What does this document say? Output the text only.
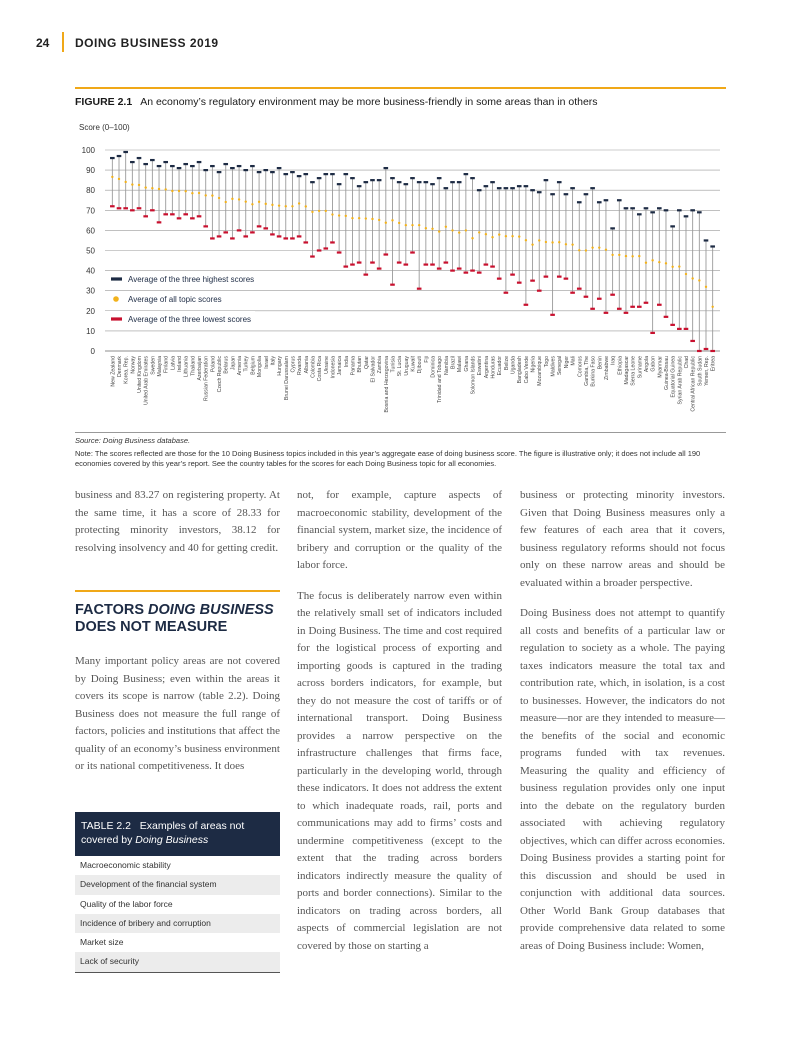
24 DOING BUSINESS 2019
FIGURE 2.1 An economy’s regulatory environment may be more business-friendly in some areas than in others
Score (0–100)
0
10
20
30
40
50
60
70
80
90
100
Average of the three highest scores
Average of all topic scores
Average of the three lowest scores
New Zealand Denmark Korea, Rep. Norway United Kingdom United Arab Emirates Sweden Malaysia Finland Latvia Ireland Lithuania Thailand Azerbaijan Russian Federation Poland Czech Republic Belarus Japan Armenia Turkey Belgium Mongolia Israel Italy Hungary Brunei Darussalam Cyprus Rwanda Albania Colombia Costa Rica Ukraine Indonesia Jamaica India Panama Bhutan Qatar El Salvador Zambia Bosnia and Herzegovina Tunisia St. Lucia Uruguay Kuwait Djibouti Fiji Dominica Trinidad and Tobago Namibia Brazil Malawi Ghana Solomon Islands Eswatini Argentina Honduras Ecuador Belize Uganda Bangladesh Cabo Verde Nigeria Mozambique Togo Maldives Senegal Niger Mali Comoros Gambia, The Burkina Faso Benin Zimbabwe Iraq Ethiopia Madagascar Sierra Leone Suriname Angola Gabon Myanmar Guinea-Bissau Equatorial Guinea Syrian Arab Republic Chad Central African Republic South Sudan Yemen, Rep. Eritrea
Source: Doing Business database.
Note: The scores reflected are those for the 10 Doing Business topics included in this year’s aggregate ease of doing business score. The figure is illustrative only; it does not include all 190 economies covered by this year’s report. See the country tables for the scores for each Doing Business topic for all economies.

business and 83.27 on registering property. At the same time, it has a score of 28.33 for protecting minority investors, 38.12 for resolving insolvency and 40 for getting credit.

FACTORS DOING BUSINESS
DOES NOT MEASURE

Many important policy areas are not covered by Doing Business; even within the areas it covers its scope is narrow (table 2.2). Doing Business does not measure the full range of factors, policies and institutions that affect the quality of an economy’s business environment or its national competitiveness. It does

TABLE 2.2 Examples of areas not covered by Doing Business
Macroeconomic stability
Development of the financial system
Quality of the labor force
Incidence of bribery and corruption
Market size
Lack of security

not, for example, capture aspects of macroeconomic stability, development of the financial system, market size, the incidence of bribery and corruption or the quality of the labor force.

The focus is deliberately narrow even within the relatively small set of indicators included in Doing Business. The time and cost required for the logistical process of exporting and importing goods is captured in the trading across borders indicators, for example, but they do not measure the cost of tariffs or of international transport. Doing Business provides a narrow perspective on the infrastructure challenges that firms face, particularly in the developing world, through these indicators. It does not address the extent to which inadequate roads, rail, ports and communications may add to firms’ costs and undermine competitiveness (except to the extent that the trading across borders indicators indirectly measure the quality of ports and border connections). Similar to the indicators on trading across borders, all aspects of commercial legislation are not covered by those on starting a

business or protecting minority investors. Given that Doing Business measures only a few features of each area that it covers, business regulatory reforms should not focus only on these narrow areas and should be evaluated within a broader perspective.

Doing Business does not attempt to quantify all costs and benefits of a particular law or regulation to society as a whole. The paying taxes indicators measure the total tax and contribution rate, which, in isolation, is a cost to businesses. However, the indicators do not measure—nor are they intended to measure—the benefits of the social and economic programs funded with tax revenues. Measuring the quality and efficiency of business regulation provides only one input into the debate on the regulatory burden associated with achieving regulatory objectives, which can differ across economies. Doing Business provides a starting point for this discussion and should be used in conjunction with additional data sources. Other World Bank Group databases that provide comprehensive data related to some areas of Doing Business include: Women,
